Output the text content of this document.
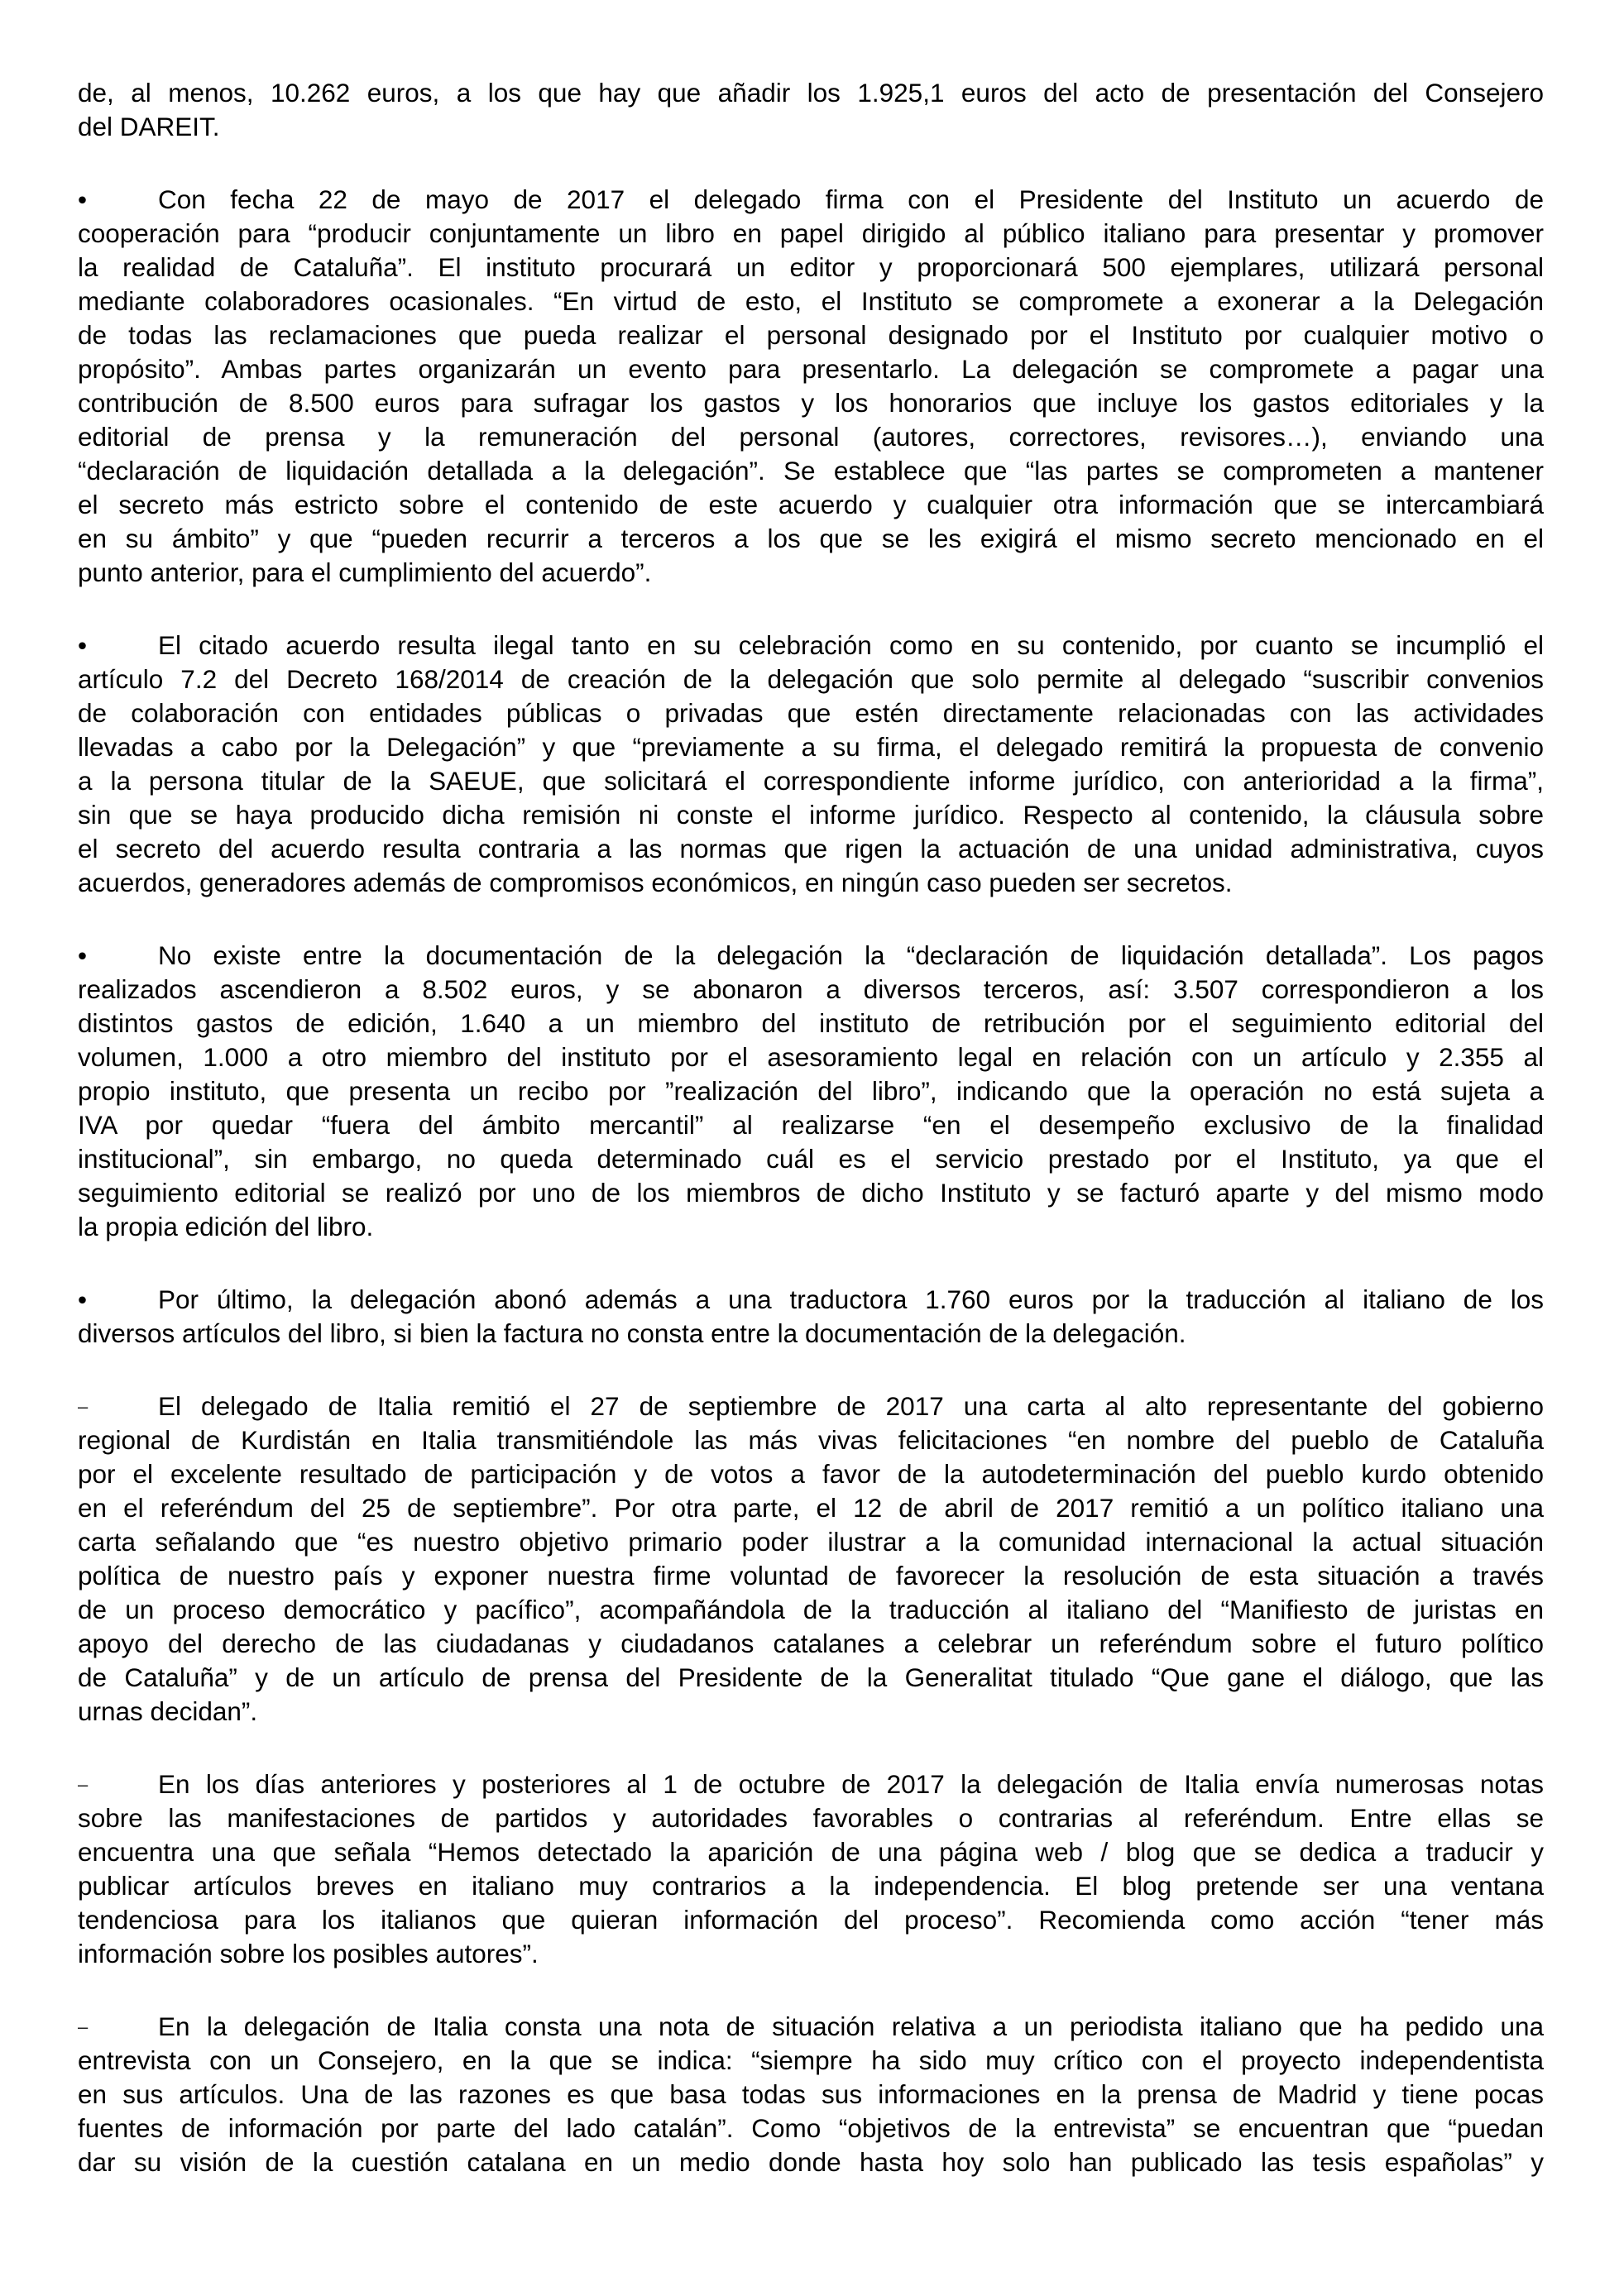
de, al menos, 10.262 euros, a los que hay que añadir los 1.925,1 euros del acto de presentación del Consejero
del DAREIT.
•	Con fecha 22 de mayo de 2017 el delegado firma con el Presidente del Instituto un acuerdo de
cooperación para “producir conjuntamente un libro en papel dirigido al público italiano para presentar y promover
la realidad de Cataluña”. El instituto procurará un editor y proporcionará 500 ejemplares, utilizará personal
mediante colaboradores ocasionales. “En virtud de esto, el Instituto se compromete a exonerar a la Delegación
de todas las reclamaciones que pueda realizar el personal designado por el Instituto por cualquier motivo o
propósito”. Ambas partes organizarán un evento para presentarlo. La delegación se compromete a pagar una
contribución de 8.500 euros para sufragar los gastos y los honorarios que incluye los gastos editoriales y la
editorial de prensa y la remuneración del personal (autores, correctores, revisores…), enviando una
“declaración de liquidación detallada a la delegación”. Se establece que “las partes se comprometen a mantener
el secreto más estricto sobre el contenido de este acuerdo y cualquier otra información que se intercambiará
en su ámbito” y que “pueden recurrir a terceros a los que se les exigirá el mismo secreto mencionado en el
punto anterior, para el cumplimiento del acuerdo”.
•	El citado acuerdo resulta ilegal tanto en su celebración como en su contenido, por cuanto se incumplió el
artículo 7.2 del Decreto 168/2014 de creación de la delegación que solo permite al delegado “suscribir convenios
de colaboración con entidades públicas o privadas que estén directamente relacionadas con las actividades
llevadas a cabo por la Delegación” y que “previamente a su firma, el delegado remitirá la propuesta de convenio
a la persona titular de la SAEUE, que solicitará el correspondiente informe jurídico, con anterioridad a la firma”,
sin que se haya producido dicha remisión ni conste el informe jurídico. Respecto al contenido, la cláusula sobre
el secreto del acuerdo resulta contraria a las normas que rigen la actuación de una unidad administrativa, cuyos
acuerdos, generadores además de compromisos económicos, en ningún caso pueden ser secretos.
•	No existe entre la documentación de la delegación la “declaración de liquidación detallada”. Los pagos
realizados ascendieron a 8.502 euros, y se abonaron a diversos terceros, así: 3.507 correspondieron a los
distintos gastos de edición, 1.640 a un miembro del instituto de retribución por el seguimiento editorial del
volumen, 1.000 a otro miembro del instituto por el asesoramiento legal en relación con un artículo y 2.355 al
propio instituto, que presenta un recibo por ”realización del libro”, indicando que la operación no está sujeta a
IVA por quedar “fuera del ámbito mercantil” al realizarse “en el desempeño exclusivo de la finalidad
institucional”, sin embargo, no queda determinado cuál es el servicio prestado por el Instituto, ya que el
seguimiento editorial se realizó por uno de los miembros de dicho Instituto y se facturó aparte y del mismo modo
la propia edición del libro.
•	Por último, la delegación abonó además a una traductora 1.760 euros por la traducción al italiano de los
diversos artículos del libro, si bien la factura no consta entre la documentación de la delegación.
–	El delegado de Italia remitió el 27 de septiembre de 2017 una carta al alto representante del gobierno
regional de Kurdistán en Italia transmitiéndole las más vivas felicitaciones “en nombre del pueblo de Cataluña
por el excelente resultado de participación y de votos a favor de la autodeterminación del pueblo kurdo obtenido
en el referéndum del 25 de septiembre”. Por otra parte, el 12 de abril de 2017 remitió a un político italiano una
carta señalando que “es nuestro objetivo primario poder ilustrar a la comunidad internacional la actual situación
política de nuestro país y exponer nuestra firme voluntad de favorecer la resolución de esta situación a través
de un proceso democrático y pacífico”, acompañándola de la traducción al italiano del “Manifiesto de juristas en
apoyo del derecho de las ciudadanas y ciudadanos catalanes a celebrar un referéndum sobre el futuro político
de Cataluña” y de un artículo de prensa del Presidente de la Generalitat titulado “Que gane el diálogo, que las
urnas decidan”.
–	En los días anteriores y posteriores al 1 de octubre de 2017 la delegación de Italia envía numerosas notas
sobre las manifestaciones de partidos y autoridades favorables o contrarias al referéndum. Entre ellas se
encuentra una que señala “Hemos detectado la aparición de una página web / blog que se dedica a traducir y
publicar artículos breves en italiano muy contrarios a la independencia. El blog pretende ser una ventana
tendenciosa para los italianos que quieran información del proceso”. Recomienda como acción “tener más
información sobre los posibles autores”.
–	En la delegación de Italia consta una nota de situación relativa a un periodista italiano que ha pedido una
entrevista con un Consejero, en la que se indica: “siempre ha sido muy crítico con el proyecto independentista
en sus artículos. Una de las razones es que basa todas sus informaciones en la prensa de Madrid y tiene pocas
fuentes de información por parte del lado catalán”. Como “objetivos de la entrevista” se encuentran que “puedan
dar su visión de la cuestión catalana en un medio donde hasta hoy solo han publicado las tesis españolas” y
